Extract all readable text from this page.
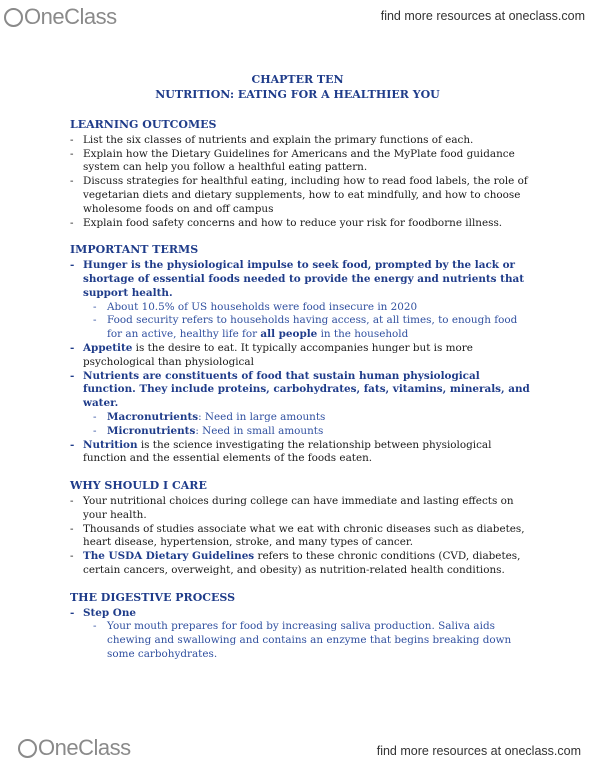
OneClass	find more resources at oneclass.com
CHAPTER TEN
NUTRITION: EATING FOR A HEALTHIER YOU
LEARNING OUTCOMES
- List the six classes of nutrients and explain the primary functions of each.
- Explain how the Dietary Guidelines for Americans and the MyPlate food guidance system can help you follow a healthful eating pattern.
- Discuss strategies for healthful eating, including how to read food labels, the role of vegetarian diets and dietary supplements, how to eat mindfully, and how to choose wholesome foods on and off campus
- Explain food safety concerns and how to reduce your risk for foodborne illness.
IMPORTANT TERMS
- Hunger is the physiological impulse to seek food, prompted by the lack or shortage of essential foods needed to provide the energy and nutrients that support health.
- About 10.5% of US households were food insecure in 2020
- Food security refers to households having access, at all times, to enough food for an active, healthy life for all people in the household
- Appetite is the desire to eat. It typically accompanies hunger but is more psychological than physiological
- Nutrients are constituents of food that sustain human physiological function. They include proteins, carbohydrates, fats, vitamins, minerals, and water.
- Macronutrients: Need in large amounts
- Micronutrients: Need in small amounts
- Nutrition is the science investigating the relationship between physiological function and the essential elements of the foods eaten.
WHY SHOULD I CARE
- Your nutritional choices during college can have immediate and lasting effects on your health.
- Thousands of studies associate what we eat with chronic diseases such as diabetes, heart disease, hypertension, stroke, and many types of cancer.
- The USDA Dietary Guidelines refers to these chronic conditions (CVD, diabetes, certain cancers, overweight, and obesity) as nutrition-related health conditions.
THE DIGESTIVE PROCESS
- Step One
- Your mouth prepares for food by increasing saliva production. Saliva aids chewing and swallowing and contains an enzyme that begins breaking down some carbohydrates.
OneClass	find more resources at oneclass.com
